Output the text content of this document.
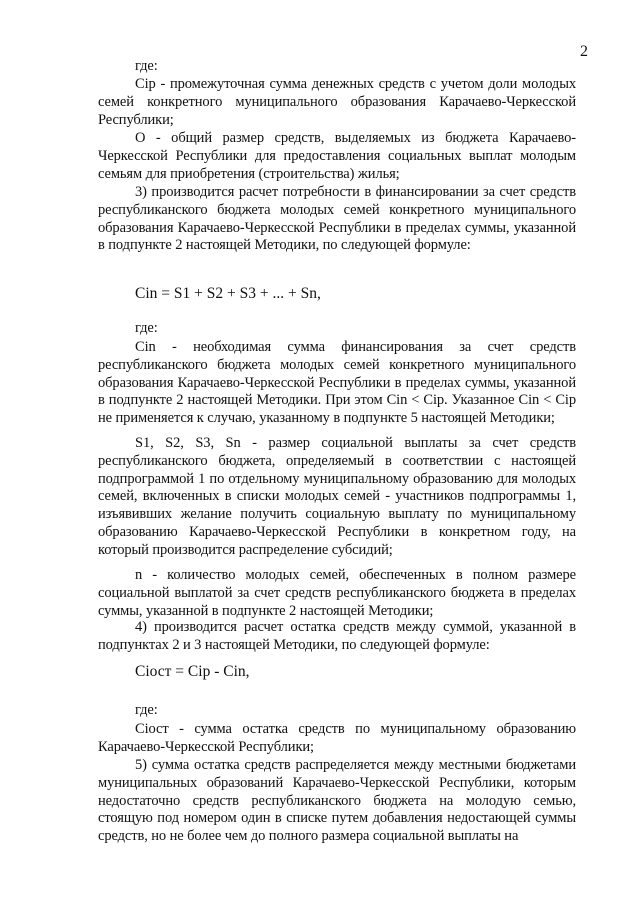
2

где:

Cip - промежуточная сумма денежных средств с учетом доли молодых семей конкретного муниципального образования Карачаево-Черкесской Республики;

О - общий размер средств, выделяемых из бюджета Карачаево-Черкесской Республики для предоставления социальных выплат молодым семьям для приобретения (строительства) жилья;

3) производится расчет потребности в финансировании за счет средств республиканского бюджета молодых семей конкретного муниципального образования Карачаево-Черкесской Республики в пределах суммы, указанной в подпункте 2 настоящей Методики, по следующей формуле:

Cin = S1 + S2 + S3 + ... + Sn,

где:

Cin - необходимая сумма финансирования за счет средств республиканского бюджета молодых семей конкретного муниципального образования Карачаево-Черкесской Республики в пределах суммы, указанной в подпункте 2 настоящей Методики. При этом Cin < Cip. Указанное Cin < Cip не применяется к случаю, указанному в подпункте 5 настоящей Методики;

S1, S2, S3, Sn - размер социальной выплаты за счет средств республиканского бюджета, определяемый в соответствии с настоящей подпрограммой 1 по отдельному муниципальному образованию для молодых семей, включенных в списки молодых семей - участников подпрограммы 1, изъявивших желание получить социальную выплату по муниципальному образованию Карачаево-Черкесской Республики в конкретном году, на который производится распределение субсидий;

n - количество молодых семей, обеспеченных в полном размере социальной выплатой за счет средств республиканского бюджета в пределах суммы, указанной в подпункте 2 настоящей Методики;

4) производится расчет остатка средств между суммой, указанной в подпунктах 2 и 3 настоящей Методики, по следующей формуле:

Ciост = Cip - Cin,

где:

Ciост - сумма остатка средств по муниципальному образованию Карачаево-Черкесской Республики;

5) сумма остатка средств распределяется между местными бюджетами муниципальных образований Карачаево-Черкесской Республики, которым недостаточно средств республиканского бюджета на молодую семью, стоящую под номером один в списке путем добавления недостающей суммы средств, но не более чем до полного размера социальной выплаты на
